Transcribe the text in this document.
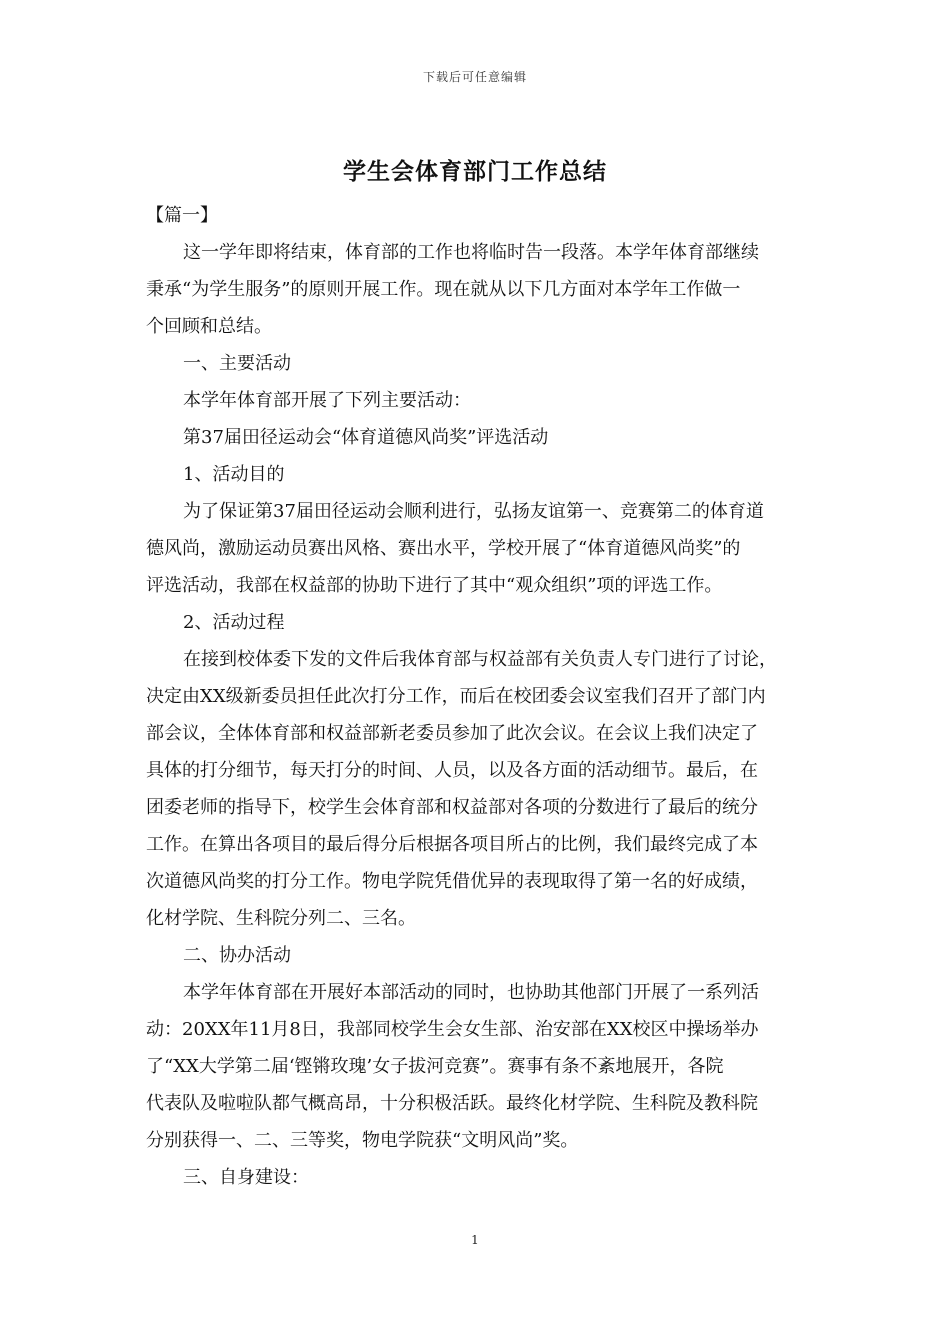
下载后可任意编辑
学生会体育部门工作总结
【篇一】
这一学年即将结束，体育部的工作也将临时告一段落。本学年体育部继续
秉承“为学生服务”的原则开展工作。现在就从以下几方面对本学年工作做一
个回顾和总结。
一、主要活动
本学年体育部开展了下列主要活动：
第37届田径运动会“体育道德风尚奖”评选活动
1、活动目的
为了保证第37届田径运动会顺利进行，弘扬友谊第一、竞赛第二的体育道
德风尚，激励运动员赛出风格、赛出水平，学校开展了“体育道德风尚奖”的
评选活动，我部在权益部的协助下进行了其中“观众组织”项的评选工作。
2、活动过程
在接到校体委下发的文件后我体育部与权益部有关负责人专门进行了讨论，
决定由XX级新委员担任此次打分工作，而后在校团委会议室我们召开了部门内
部会议，全体体育部和权益部新老委员参加了此次会议。在会议上我们决定了
具体的打分细节，每天打分的时间、人员，以及各方面的活动细节。最后，在
团委老师的指导下，校学生会体育部和权益部对各项的分数进行了最后的统分
工作。在算出各项目的最后得分后根据各项目所占的比例，我们最终完成了本
次道德风尚奖的打分工作。物电学院凭借优异的表现取得了第一名的好成绩，
化材学院、生科院分列二、三名。
二、协办活动
本学年体育部在开展好本部活动的同时，也协助其他部门开展了一系列活
动：20XX年11月8日，我部同校学生会女生部、治安部在XX校区中操场举办
了“XX大学第二届‘铿锵玫瑰’女子拔河竞赛”。赛事有条不紊地展开，各院
代表队及啦啦队都气概高昂，十分积极活跃。最终化材学院、生科院及教科院
分别获得一、二、三等奖，物电学院获“文明风尚”奖。
三、自身建设：
1
